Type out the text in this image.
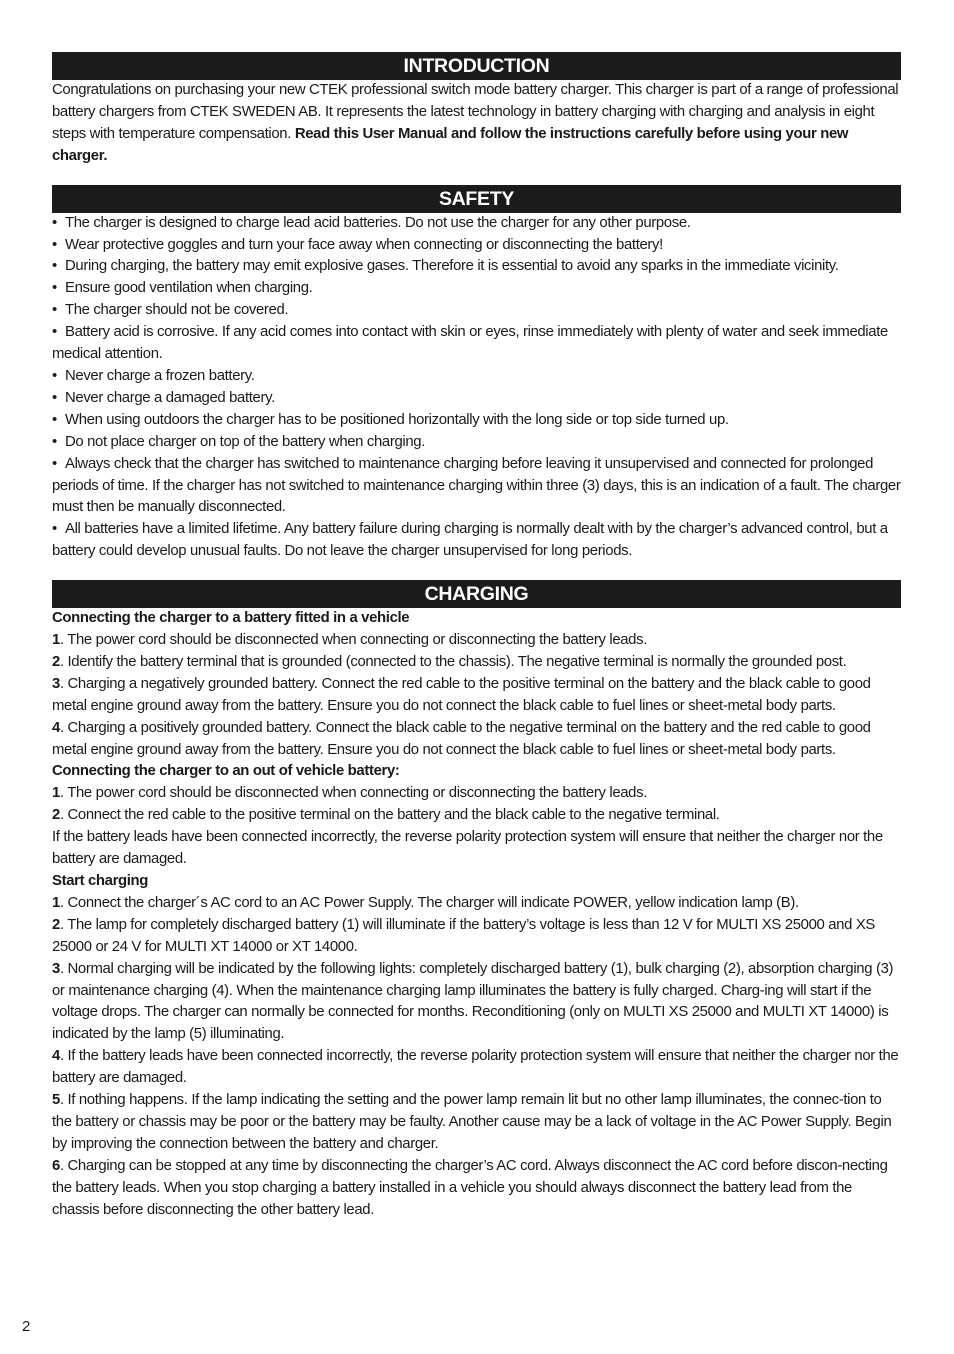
INTRODUCTION

Congratulations on purchasing your new CTEK professional switch mode battery charger. This charger is part of a range of professional battery chargers from CTEK SWEDEN AB. It represents the latest technology in battery charging with charging and analysis in eight steps with temperature compensation. Read this User Manual and follow the instructions carefully before using your new charger.

SAFETY
• The charger is designed to charge lead acid batteries. Do not use the charger for any other purpose.
• Wear protective goggles and turn your face away when connecting or disconnecting the battery!
• During charging, the battery may emit explosive gases. Therefore it is essential to avoid any sparks in the immediate vicinity.
• Ensure good ventilation when charging.
• The charger should not be covered.
• Battery acid is corrosive. If any acid comes into contact with skin or eyes, rinse immediately with plenty of water and seek immediate medical attention.
• Never charge a frozen battery.
• Never charge a damaged battery.
• When using outdoors the charger has to be positioned horizontally with the long side or top side turned up.
• Do not place charger on top of the battery when charging.
• Always check that the charger has switched to maintenance charging before leaving it unsupervised and connected for prolonged periods of time. If the charger has not switched to maintenance charging within three (3) days, this is an indication of a fault. The charger must then be manually disconnected.
• All batteries have a limited lifetime. Any battery failure during charging is normally dealt with by the charger’s advanced control, but a battery could develop unusual faults. Do not leave the charger unsupervised for long periods.
CHARGING
Connecting the charger to a battery fitted in a vehicle

1. The power cord should be disconnected when connecting or disconnecting the battery leads.

2. Identify the battery terminal that is grounded (connected to the chassis). The negative terminal is normally the grounded post.

3. Charging a negatively grounded battery. Connect the red cable to the positive terminal on the battery and the black cable to good metal engine ground away from the battery. Ensure you do not connect the black cable to fuel lines or sheet-metal body parts.

4. Charging a positively grounded battery. Connect the black cable to the negative terminal on the battery and the red cable to good metal engine ground away from the battery. Ensure you do not connect the black cable to fuel lines or sheet-metal body parts.

Connecting the charger to an out of vehicle battery:

1. The power cord should be disconnected when connecting or disconnecting the battery leads.

2. Connect the red cable to the positive terminal on the battery and the black cable to the negative terminal.

If the battery leads have been connected incorrectly, the reverse polarity protection system will ensure that neither the charger nor the battery are damaged.

Start charging

1. Connect the charger´s AC cord to an AC Power Supply. The charger will indicate POWER, yellow indication lamp (B).

2. The lamp for completely discharged battery (1) will illuminate if the battery’s voltage is less than 12 V for MULTI XS 25000 and XS 25000 or 24 V for MULTI XT 14000 or XT 14000.

3. Normal charging will be indicated by the following lights: completely discharged battery (1), bulk charging (2), absorption charging (3) or maintenance charging (4). When the maintenance charging lamp illuminates the battery is fully charged. Charg-ing will start if the voltage drops. The charger can normally be connected for months. Reconditioning (only on MULTI XS 25000 and MULTI XT 14000) is indicated by the lamp (5) illuminating.

4. If the battery leads have been connected incorrectly, the reverse polarity protection system will ensure that neither the charger nor the battery are damaged.

5. If nothing happens. If the lamp indicating the setting and the power lamp remain lit but no other lamp illuminates, the connec-tion to the battery or chassis may be poor or the battery may be faulty. Another cause may be a lack of voltage in the AC Power Supply. Begin by improving the connection between the battery and charger.

6. Charging can be stopped at any time by disconnecting the charger’s AC cord. Always disconnect the AC cord before discon-necting the battery leads. When you stop charging a battery installed in a vehicle you should always disconnect the battery lead from the chassis before disconnecting the other battery lead.

2
